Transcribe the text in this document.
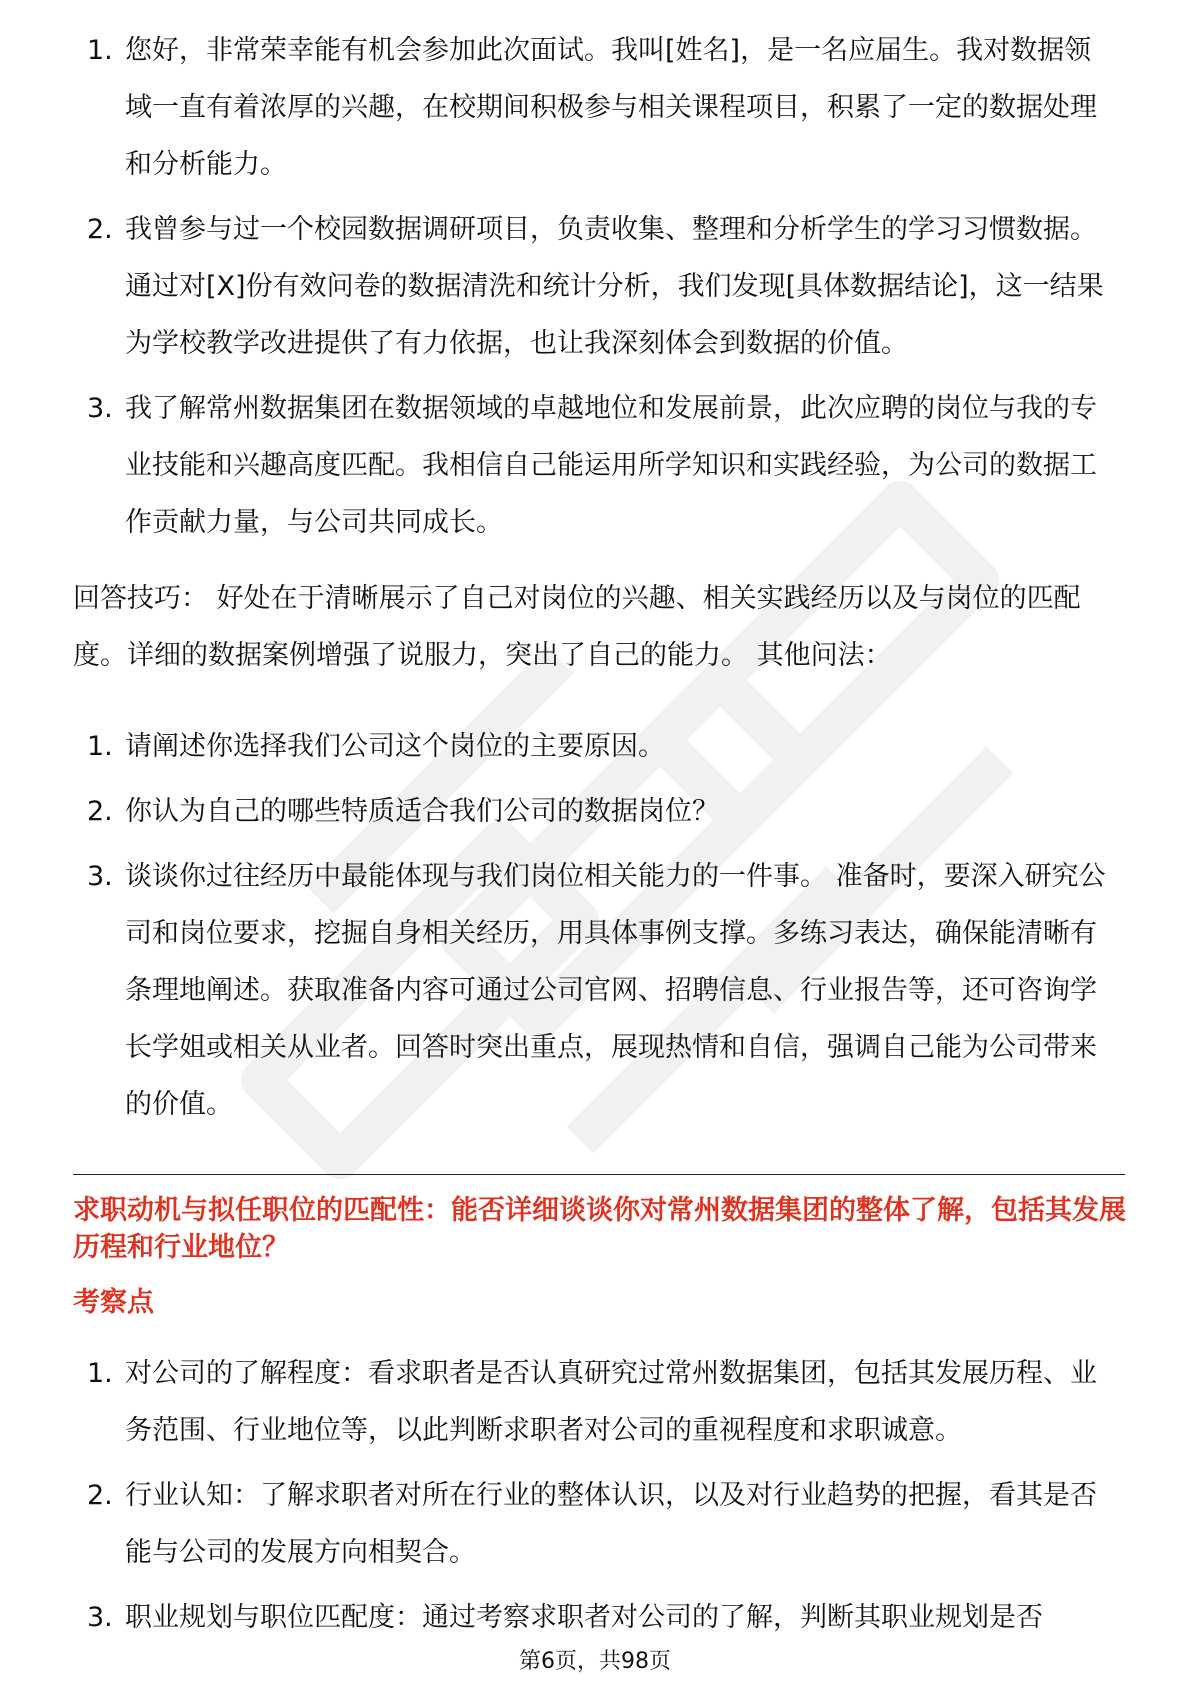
1. 您好，非常荣幸能有机会参加此次面试。我叫[姓名]，是一名应届生。我对数据领域一直有着浓厚的兴趣，在校期间积极参与相关课程项目，积累了一定的数据处理和分析能力。
2. 我曾参与过一个校园数据调研项目，负责收集、整理和分析学生的学习习惯数据。通过对[X]份有效问卷的数据清洗和统计分析，我们发现[具体数据结论]，这一结果为学校教学改进提供了有力依据，也让我深刻体会到数据的价值。
3. 我了解常州数据集团在数据领域的卓越地位和发展前景，此次应聘的岗位与我的专业技能和兴趣高度匹配。我相信自己能运用所学知识和实践经验，为公司的数据工作贡献力量，与公司共同成长。

回答技巧： 好处在于清晰展示了自己对岗位的兴趣、相关实践经历以及与岗位的匹配度。详细的数据案例增强了说服力，突出了自己的能力。 其他问法：

1. 请阐述你选择我们公司这个岗位的主要原因。
2. 你认为自己的哪些特质适合我们公司的数据岗位？
3. 谈谈你过往经历中最能体现与我们岗位相关能力的一件事。 准备时，要深入研究公司和岗位要求，挖掘自身相关经历，用具体事例支撑。多练习表达，确保能清晰有条理地阐述。获取准备内容可通过公司官网、招聘信息、行业报告等，还可咨询学长学姐或相关从业者。回答时突出重点，展现热情和自信，强调自己能为公司带来的价值。
求职动机与拟任职位的匹配性：能否详细谈谈你对常州数据集团的整体了解，包括其发展历程和行业地位？
考察点
1. 对公司的了解程度：看求职者是否认真研究过常州数据集团，包括其发展历程、业务范围、行业地位等，以此判断求职者对公司的重视程度和求职诚意。
2. 行业认知：了解求职者对所在行业的整体认识，以及对行业趋势的把握，看其是否能与公司的发展方向相契合。
3. 职业规划与职位匹配度：通过考察求职者对公司的了解，判断其职业规划是否
第6页，共98页
